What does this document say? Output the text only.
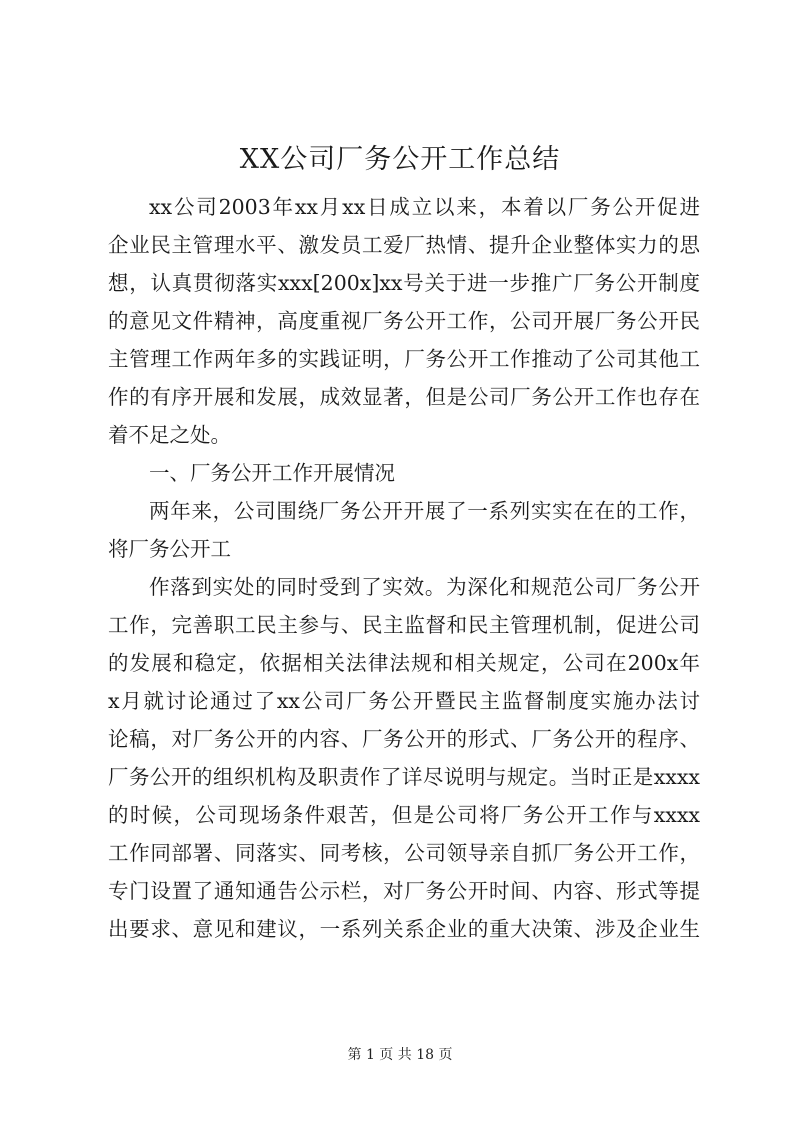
XX公司厂务公开工作总结
xx公司2003年xx月xx日成立以来，本着以厂务公开促进
企业民主管理水平、激发员工爱厂热情、提升企业整体实力的思
想，认真贯彻落实xxx[200x]xx号关于进一步推广厂务公开制度
的意见文件精神，高度重视厂务公开工作，公司开展厂务公开民
主管理工作两年多的实践证明，厂务公开工作推动了公司其他工
作的有序开展和发展，成效显著，但是公司厂务公开工作也存在
着不足之处。
一、厂务公开工作开展情况
两年来，公司围绕厂务公开开展了一系列实实在在的工作，
将厂务公开工
作落到实处的同时受到了实效。为深化和规范公司厂务公开
工作，完善职工民主参与、民主监督和民主管理机制，促进公司
的发展和稳定，依据相关法律法规和相关规定，公司在200x年
x月就讨论通过了xx公司厂务公开暨民主监督制度实施办法讨
论稿，对厂务公开的内容、厂务公开的形式、厂务公开的程序、
厂务公开的组织机构及职责作了详尽说明与规定。当时正是xxxx
的时候，公司现场条件艰苦，但是公司将厂务公开工作与xxxx
工作同部署、同落实、同考核，公司领导亲自抓厂务公开工作，
专门设置了通知通告公示栏，对厂务公开时间、内容、形式等提
出要求、意见和建议，一系列关系企业的重大决策、涉及企业生
第 1 页 共 18 页
